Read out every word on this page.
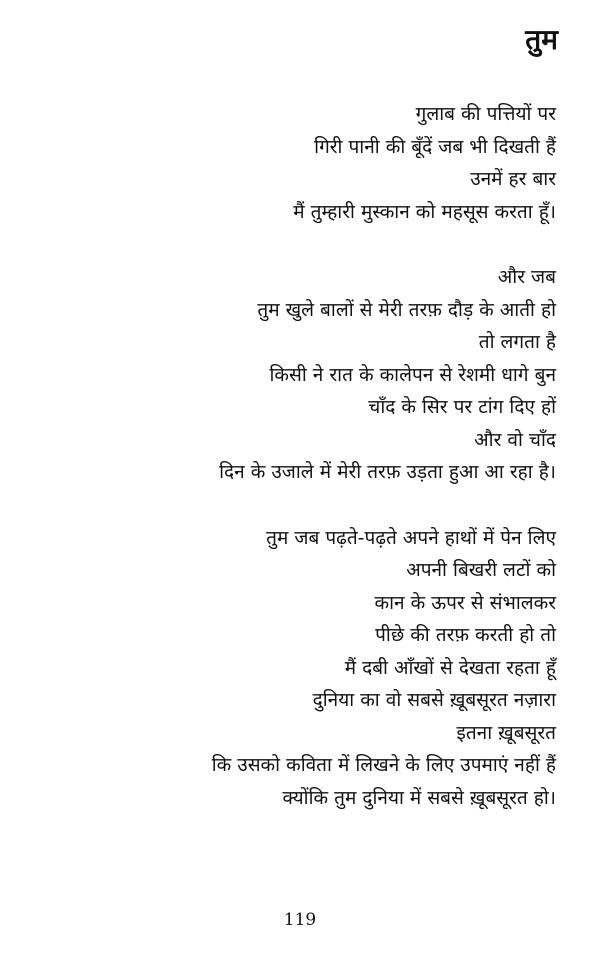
तुम
गुलाब की पत्तियों पर
गिरी पानी की बूँदें जब भी दिखती हैं
उनमें हर बार
मैं तुम्हारी मुस्कान को महसूस करता हूँ।
और जब
तुम खुले बालों से मेरी तरफ़ दौड़ के आती हो
तो लगता है
किसी ने रात के कालेपन से रेशमी धागे बुन
चाँद के सिर पर टांग दिए हों
और वो चाँद
दिन के उजाले में मेरी तरफ़ उड़ता हुआ आ रहा है।
तुम जब पढ़ते-पढ़ते अपने हाथों में पेन लिए
अपनी बिखरी लटों को
कान के ऊपर से संभालकर
पीछे की तरफ़ करती हो तो
मैं दबी आँखों से देखता रहता हूँ
दुनिया का वो सबसे ख़ूबसूरत नज़ारा
इतना ख़ूबसूरत
कि उसको कविता में लिखने के लिए उपमाएं नहीं हैं
क्योंकि तुम दुनिया में सबसे ख़ूबसूरत हो।
119
